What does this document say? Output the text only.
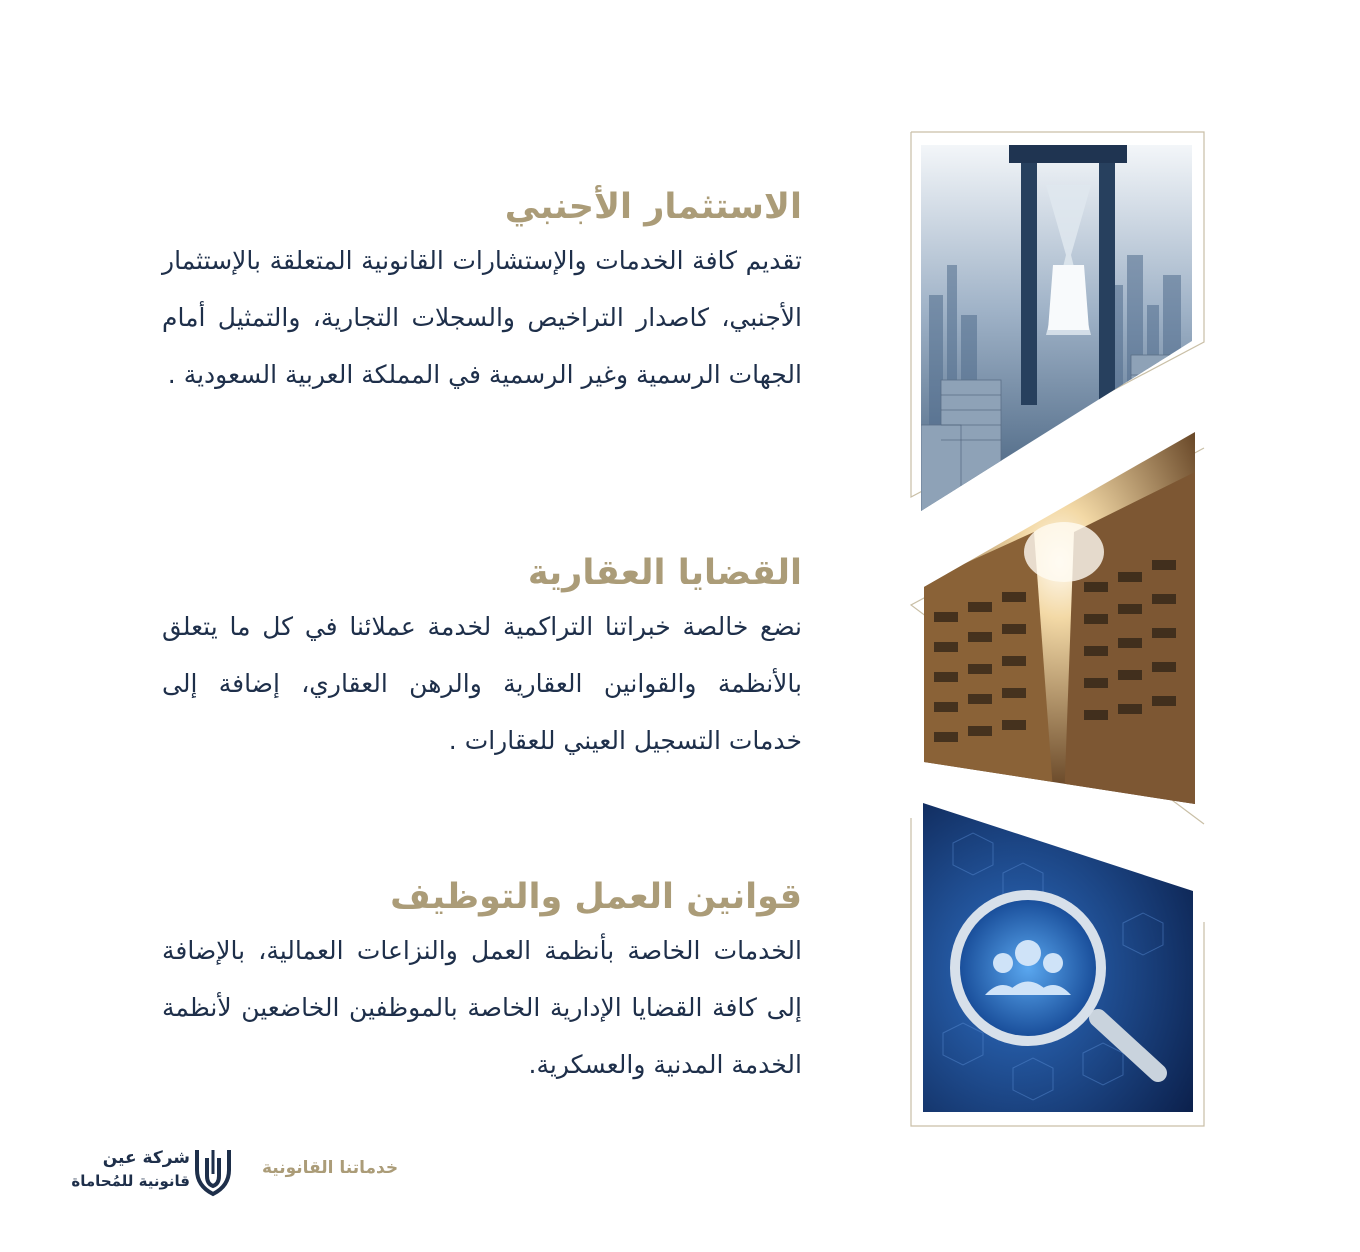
الاستثمار الأجنبي

تقديم كافة الخدمات والإستشارات القانونية المتعلقة بالإستثمار الأجنبي، كاصدار التراخيص والسجلات التجارية، والتمثيل أمام الجهات الرسمية وغير الرسمية في المملكة العربية السعودية .

القضايا العقارية

نضع خالصة خبراتنا التراكمية لخدمة عملائنا في كل ما يتعلق بالأنظمة والقوانين العقارية والرهن العقاري، إضافة إلى خدمات التسجيل العيني للعقارات .

قوانين العمل والتوظيف

الخدمات الخاصة بأنظمة العمل والنزاعات العمالية، بالإضافة إلى كافة القضايا الإدارية الخاصة بالموظفين الخاضعين لأنظمة الخدمة المدنية والعسكرية.

شركة عين
قانونية للمُحاماة
خدماتنا القانونية
